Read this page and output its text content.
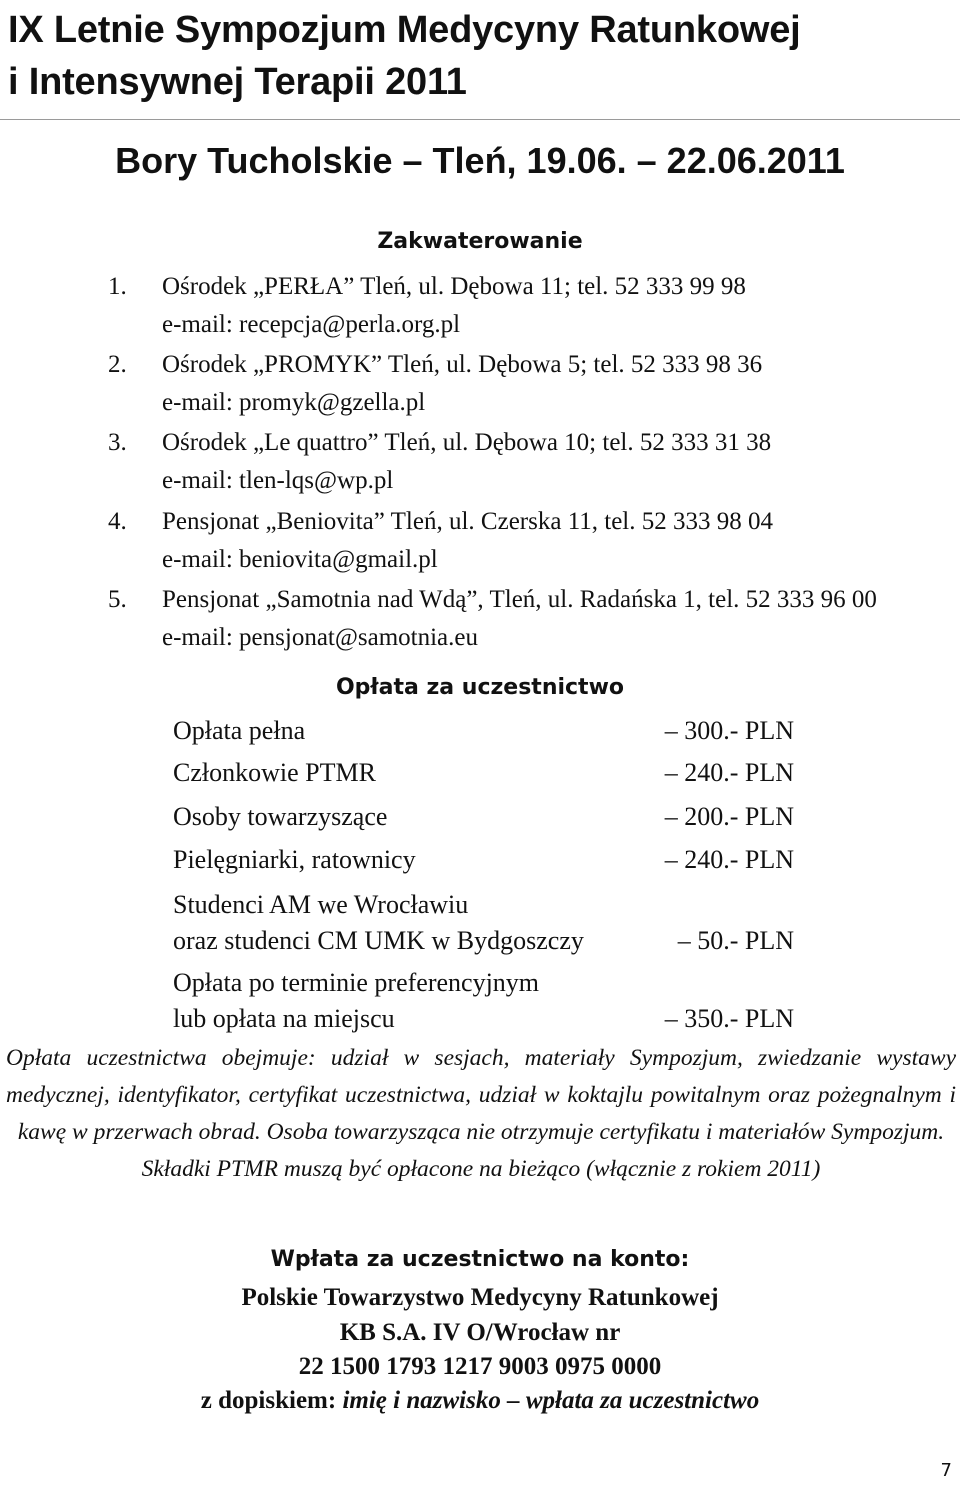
IX Letnie Sympozjum Medycyny Ratunkowej
i Intensywnej Terapii 2011
Bory Tucholskie – Tleń, 19.06. – 22.06.2011
Zakwaterowanie
1. Ośrodek „PERŁA” Tleń, ul. Dębowa 11; tel. 52 333 99 98
e-mail: recepcja@perla.org.pl
2. Ośrodek „PROMYK” Tleń, ul. Dębowa 5; tel. 52 333 98 36
e-mail: promyk@gzella.pl
3. Ośrodek „Le quattro” Tleń, ul. Dębowa 10; tel. 52 333 31 38
e-mail: tlen-lqs@wp.pl
4. Pensjonat „Beniovita” Tleń, ul. Czerska 11, tel. 52 333 98 04
e-mail: beniovita@gmail.pl
5. Pensjonat „Samotnia nad Wdą”, Tleń, ul. Radańska 1, tel. 52 333 96 00
e-mail: pensjonat@samotnia.eu
Opłata za uczestnictwo
Opłata pełna	– 300.- PLN
Członkowie PTMR	– 240.- PLN
Osoby towarzyszące	– 200.- PLN
Pielęgniarki, ratownicy	– 240.- PLN
Studenci AM we Wrocławiu
oraz studenci CM UMK w Bydgoszczy	– 50.- PLN
Opłata po terminie preferencyjnym
lub opłata na miejscu	– 350.- PLN
Opłata uczestnictwa obejmuje: udział w sesjach, materiały Sympozjum, zwiedzanie wystawy medycznej, identyfikator, certyfikat uczestnictwa, udział w koktajlu powitalnym oraz pożegnalnym i kawę w przerwach obrad. Osoba towarzysząca nie otrzymuje certyfikatu i materiałów Sympozjum.
Składki PTMR muszą być opłacone na bieżąco (włącznie z rokiem 2011)
Wpłata za uczestnictwo na konto:
Polskie Towarzystwo Medycyny Ratunkowej
KB S.A. IV O/Wrocław nr
22 1500 1793 1217 9003 0975 0000
z dopiskiem: imię i nazwisko – wpłata za uczestnictwo
7
